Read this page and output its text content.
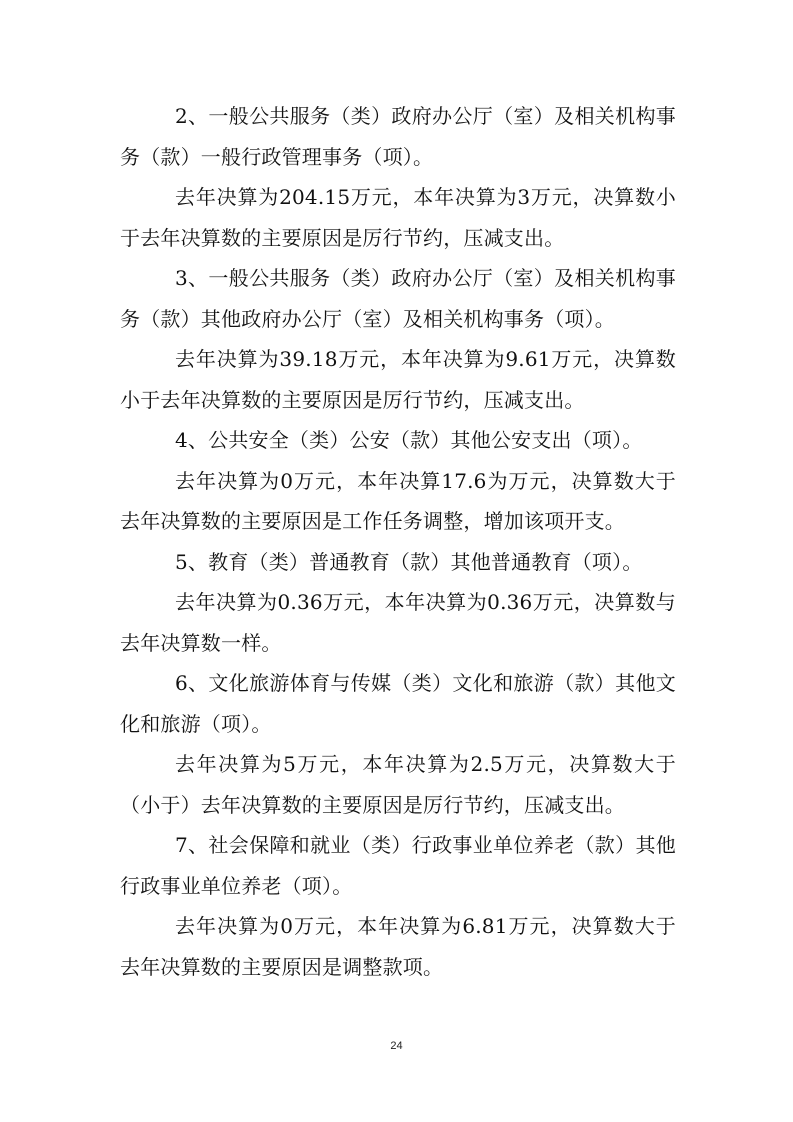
2、一般公共服务（类）政府办公厅（室）及相关机构事务（款）一般行政管理事务（项）。

去年决算为204.15万元，本年决算为3万元，决算数小于去年决算数的主要原因是厉行节约，压减支出。

3、一般公共服务（类）政府办公厅（室）及相关机构事务（款）其他政府办公厅（室）及相关机构事务（项）。

去年决算为39.18万元，本年决算为9.61万元，决算数小于去年决算数的主要原因是厉行节约，压减支出。

4、公共安全（类）公安（款）其他公安支出（项）。

去年决算为0万元，本年决算17.6为万元，决算数大于去年决算数的主要原因是工作任务调整，增加该项开支。

5、教育（类）普通教育（款）其他普通教育（项）。

去年决算为0.36万元，本年决算为0.36万元，决算数与去年决算数一样。

6、文化旅游体育与传媒（类）文化和旅游（款）其他文化和旅游（项）。

去年决算为5万元，本年决算为2.5万元，决算数大于（小于）去年决算数的主要原因是厉行节约，压减支出。

7、社会保障和就业（类）行政事业单位养老（款）其他行政事业单位养老（项）。

去年决算为0万元，本年决算为6.81万元，决算数大于去年决算数的主要原因是调整款项。

24
